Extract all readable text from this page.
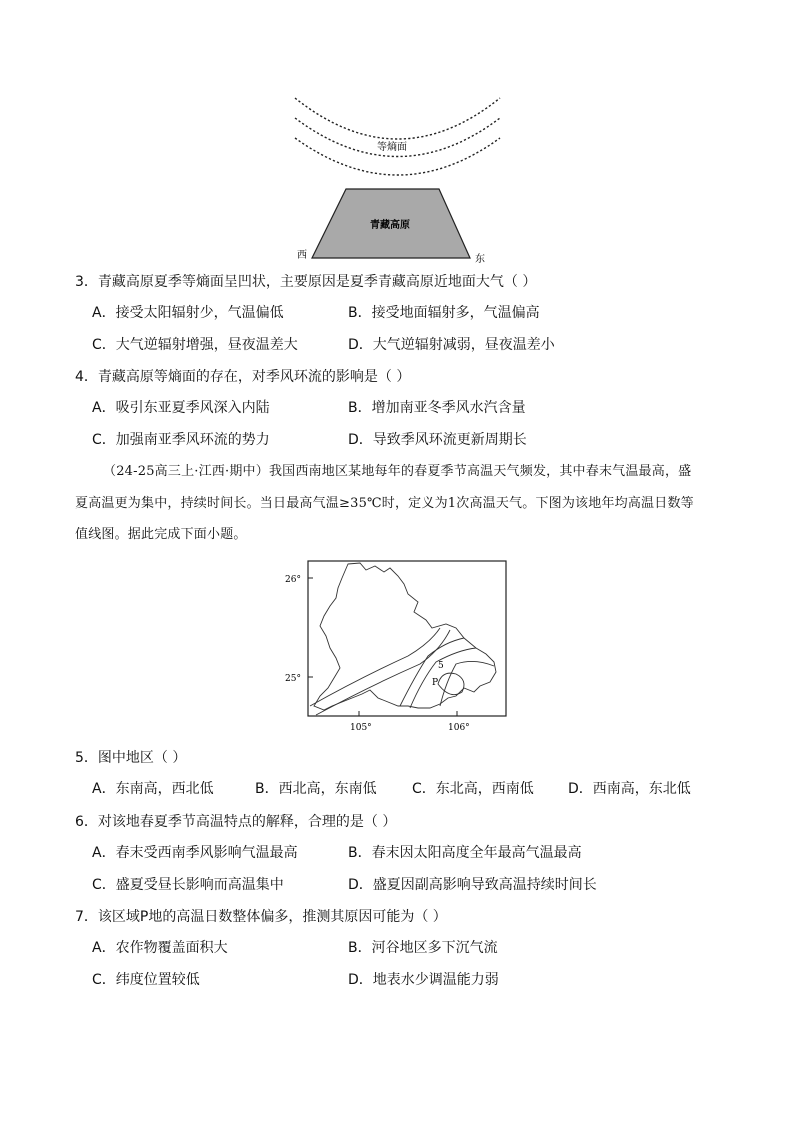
等熵面
青藏高原
西	东
3．青藏高原夏季等熵面呈凹状，主要原因是夏季青藏高原近地面大气（ ）
A．接受太阳辐射少，气温偏低	B．接受地面辐射多，气温偏高
C．大气逆辐射增强，昼夜温差大	D．大气逆辐射减弱，昼夜温差小
4．青藏高原等熵面的存在，对季风环流的影响是（ ）
A．吸引东亚夏季风深入内陆	B．增加南亚冬季风水汽含量
C．加强南亚季风环流的势力	D．导致季风环流更新周期长
（24-25高三上·江西·期中）我国西南地区某地每年的春夏季节高温天气频发，其中春末气温最高，盛
夏高温更为集中，持续时间长。当日最高气温≥35℃时，定义为1次高温天气。下图为该地年均高温日数等
值线图。据此完成下面小题。
5
P
26°
25°
105°	106°
5．图中地区（ ）
A．东南高，西北低	B．西北高，东南低	C．东北高，西南低 D．西南高，东北低
6．对该地春夏季节高温特点的解释，合理的是（ ）
A．春末受西南季风影响气温最高	B．春末因太阳高度全年最高气温最高
C．盛夏受昼长影响而高温集中	D．盛夏因副高影响导致高温持续时间长
7．该区域P地的高温日数整体偏多，推测其原因可能为（ ）
A．农作物覆盖面积大	B．河谷地区多下沉气流
C．纬度位置较低	D．地表水少调温能力弱
